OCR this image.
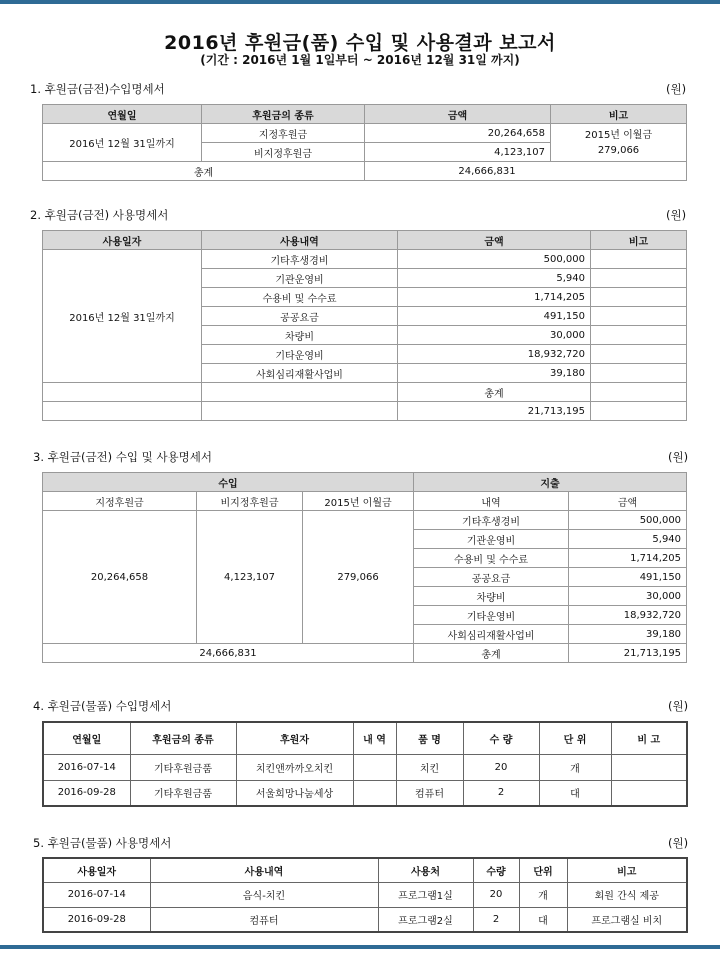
2016년 후원금(품) 수입 및 사용결과 보고서
(기간 : 2016년 1월 1일부터 ~ 2016년 12월 31일 까지)
1. 후원금(금전)수입명세서	(원)
연월일	후원금의 종류	금액	비고
2016년 12월 31일까지	지정후원금	20,264,658	2015년 이월금
279,066
	비지정후원금	4,123,107	
총계		24,666,831	
2. 후원금(금전) 사용명세서	(원)
사용일자	사용내역	금액	비고
2016년 12월 31일까지	기타후생경비	500,000	
	기관운영비	5,940	
	수용비 및 수수료	1,714,205	
	공공요금	491,150	
	차량비	30,000	
	기타운영비	18,932,720	
	사회심리재활사업비	39,180	
		총계	
		21,713,195	
3. 후원금(금전) 수입 및 사용명세서	(원)
수입			지출	
지정후원금	비지정후원금	2015년 이월금	내역	금액
20,264,658	4,123,107	279,066	기타후생경비	500,000
			기관운영비	5,940
			수용비 및 수수료	1,714,205
			공공요금	491,150
			차량비	30,000
			기타운영비	18,932,720
			사회심리재활사업비	39,180
24,666,831			총계	21,713,195
4. 후원금(물품) 수입명세서	(원)
연월일	후원금의 종류	후원자	내 역	품 명	수 량	단 위	비 고
2016-07-14	기타후원금품	치킨앤까까오치킨		치킨	20	개	
2016-09-28	기타후원금품	서울희망나눔세상		컴퓨터	2	대	
5. 후원금(물품) 사용명세서	(원)
사용일자	사용내역	사용처	수량	단위	비고
2016-07-14	음식-치킨	프로그램1실	20	개	회원 간식 제공
2016-09-28	컴퓨터	프로그램2실	2	대	프로그램실 비치
